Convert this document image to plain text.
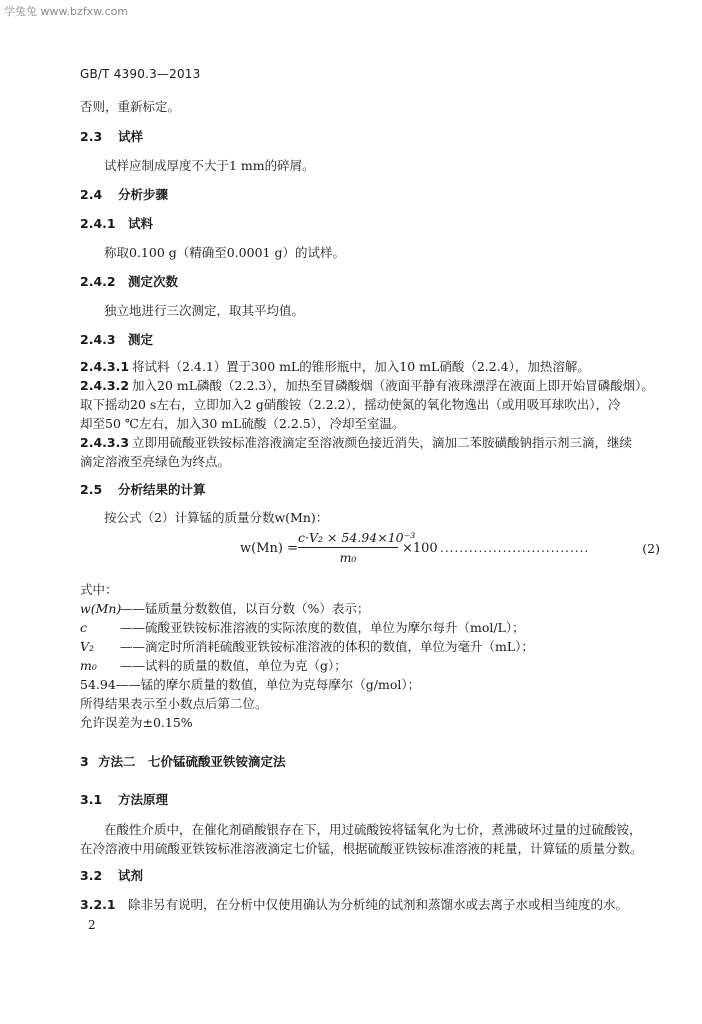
学兔兔 www.bzfxw.com
GB/T 4390.3—2013
否则，重新标定。
2.3 试样
试样应制成厚度不大于1 mm的碎屑。
2.4 分析步骤
2.4.1 试料
称取0.100 g（精确至0.0001 g）的试样。
2.4.2 测定次数
独立地进行三次测定，取其平均值。
2.4.3 测定
2.4.3.1 将试料（2.4.1）置于300 mL的锥形瓶中，加入10 mL硝酸（2.2.4），加热溶解。
2.4.3.2 加入20 mL磷酸（2.2.3），加热至冒磷酸烟（液面平静有液珠漂浮在液面上即开始冒磷酸烟）。
取下摇动20 s左右，立即加入2 g硝酸铵（2.2.2），摇动使氮的氧化物逸出（或用吸耳球吹出），冷
却至50 ℃左右，加入30 mL硫酸（2.2.5），冷却至室温。
2.4.3.3 立即用硫酸亚铁铵标准溶液滴定至溶液颜色接近消失，滴加二苯胺磺酸钠指示剂三滴，继续
滴定溶液至亮绿色为终点。
2.5 分析结果的计算
按公式（2）计算锰的质量分数w(Mn)：
w(Mn) =
c·V₂ × 54.94×10⁻³
m₀
×100 ...............................	(2)
式中：
w(Mn)——锰质量分数数值，以百分数（%）表示；
c	——硫酸亚铁铵标准溶液的实际浓度的数值，单位为摩尔每升（mol/L）；
V₂ ——滴定时所消耗硫酸亚铁铵标准溶液的体积的数值，单位为毫升（mL）；
m₀ ——试料的质量的数值，单位为克（g）；
54.94——锰的摩尔质量的数值，单位为克每摩尔（g/mol）；
所得结果表示至小数点后第二位。
允许误差为±0.15%
3 方法二　七价锰硫酸亚铁铵滴定法
3.1 方法原理
在酸性介质中，在催化剂硝酸银存在下，用过硫酸铵将锰氧化为七价，煮沸破坏过量的过硫酸铵，
在冷溶液中用硫酸亚铁铵标准溶液滴定七价锰，根据硫酸亚铁铵标准溶液的耗量，计算锰的质量分数。
3.2 试剂
3.2.1 除非另有说明，在分析中仅使用确认为分析纯的试剂和蒸馏水或去离子水或相当纯度的水。
2
